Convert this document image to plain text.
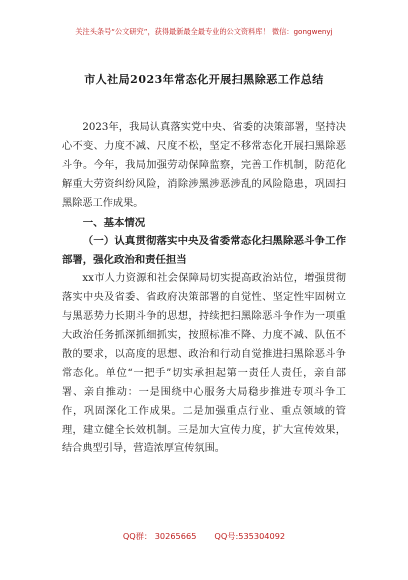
关注头条号“公文研究”，获得最新最全最专业的公文资料库！ 微信：gongwenyj
市人社局2023年常态化开展扫黑除恶工作总结

2023年，我局认真落实党中央、省委的决策部署，坚持决心不变、力度不减、尺度不松，坚定不移常态化开展扫黑除恶斗争。今年，我局加强劳动保障监察，完善工作机制，防范化解重大劳资纠纷风险，消除涉黑涉恶涉乱的风险隐患，巩固扫黑除恶工作成果。

一、基本情况

（一）认真贯彻落实中央及省委常态化扫黑除恶斗争工作部署，强化政治和责任担当

xx市人力资源和社会保障局切实提高政治站位，增强贯彻落实中央及省委、省政府决策部署的自觉性、坚定性牢固树立与黑恶势力长期斗争的思想，持续把扫黑除恶斗争作为一项重大政治任务抓深抓细抓实，按照标准不降、力度不减、队伍不散的要求，以高度的思想、政治和行动自觉推进扫黑除恶斗争常态化。单位“一把手”切实承担起第一责任人责任，亲自部署、亲自推动：一是围绕中心服务大局稳步推进专项斗争工作，巩固深化工作成果。二是加强重点行业、重点领域的管理，建立健全长效机制。三是加大宣传力度，扩大宣传效果，结合典型引导，营造浓厚宣传氛围。

QQ群： 30265665 QQ号:535304092
